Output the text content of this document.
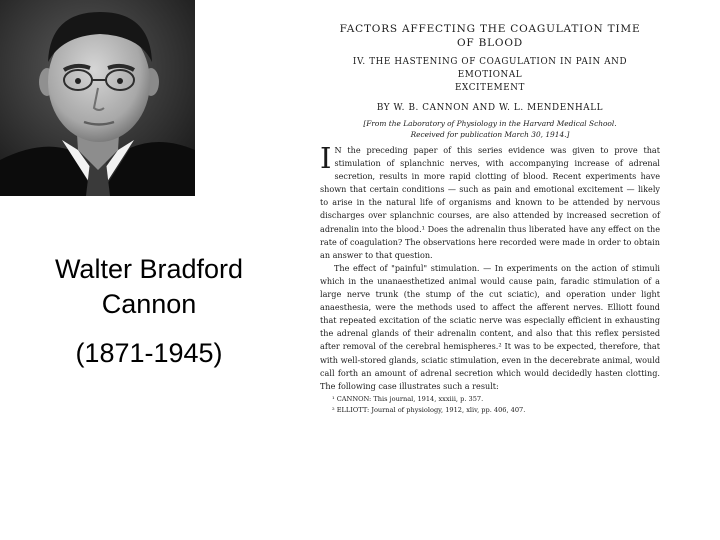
Walter Bradford
Cannon
(1871-1945)
FACTORS AFFECTING THE COAGULATION TIME
OF BLOOD
IV. THE HASTENING OF COAGULATION IN PAIN AND EMOTIONAL
EXCITEMENT
BY W. B. CANNON AND W. L. MENDENHALL
[From the Laboratory of Physiology in the Harvard Medical School.
Received for publication March 30, 1914.]

I N the preceding paper of this series evidence was given to prove that stimulation of splanchnic nerves, with accompanying increase of adrenal secretion, results in more rapid clotting of blood. Recent experiments have shown that certain conditions — such as pain and emotional excitement — likely to arise in the natural life of organisms and known to be attended by nervous discharges over splanchnic courses, are also attended by increased secretion of adrenalin into the blood.¹ Does the adrenalin thus liberated have any effect on the rate of coagulation? The observations here recorded were made in order to obtain an answer to that question.

The effect of "painful" stimulation. — In experiments on the action of stimuli which in the unanaesthetized animal would cause pain, faradic stimulation of a large nerve trunk (the stump of the cut sciatic), and operation under light anaesthesia, were the methods used to affect the afferent nerves. Elliott found that repeated excitation of the sciatic nerve was especially efficient in exhausting the adrenal glands of their adrenalin content, and also that this reflex persisted after removal of the cerebral hemispheres.² It was to be expected, therefore, that with well-stored glands, sciatic stimulation, even in the decerebrate animal, would call forth an amount of adrenal secretion which would decidedly hasten clotting. The following case illustrates such a result:

¹ CANNON: This journal, 1914, xxxiii, p. 357.
² ELLIOTT: Journal of physiology, 1912, xliv, pp. 406, 407.
